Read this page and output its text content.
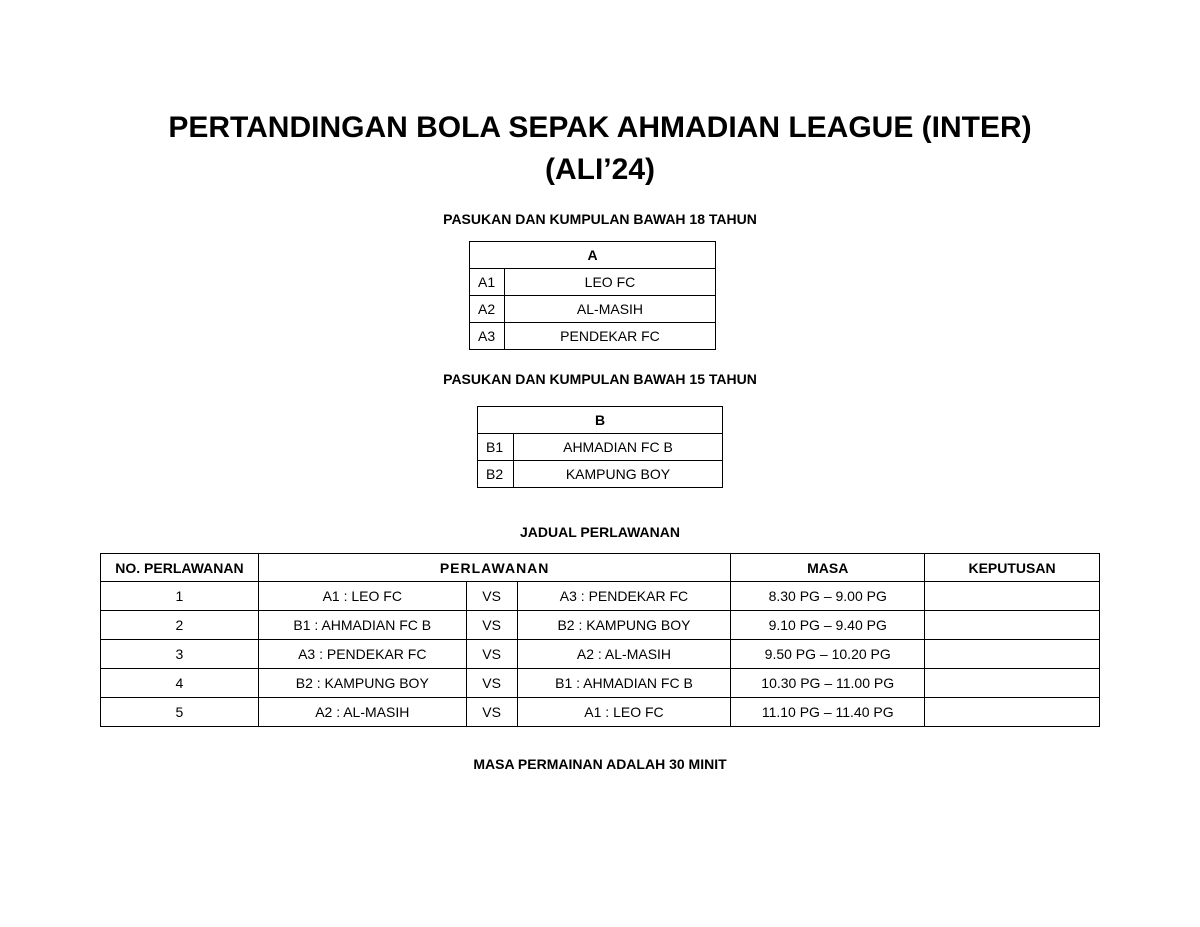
PERTANDINGAN BOLA SEPAK AHMADIAN LEAGUE (INTER)
(ALI’24)
PASUKAN DAN KUMPULAN BAWAH 18 TAHUN
A	
A1	LEO FC
A2	AL-MASIH
A3	PENDEKAR FC
PASUKAN DAN KUMPULAN BAWAH 15 TAHUN
B	
B1	AHMADIAN FC B
B2	KAMPUNG BOY
JADUAL PERLAWANAN
NO. PERLAWANAN	PERLAWANAN			MASA	KEPUTUSAN
1	A1 : LEO FC	VS	A3 : PENDEKAR FC	8.30 PG – 9.00 PG	
2	B1 : AHMADIAN FC B	VS	B2 : KAMPUNG BOY	9.10 PG – 9.40 PG	
3	A3 : PENDEKAR FC	VS	A2 : AL-MASIH	9.50 PG – 10.20 PG	
4	B2 : KAMPUNG BOY	VS	B1 : AHMADIAN FC B	10.30 PG – 11.00 PG	
5	A2 : AL-MASIH	VS	A1 : LEO FC	11.10 PG – 11.40 PG	
MASA PERMAINAN ADALAH 30 MINIT
